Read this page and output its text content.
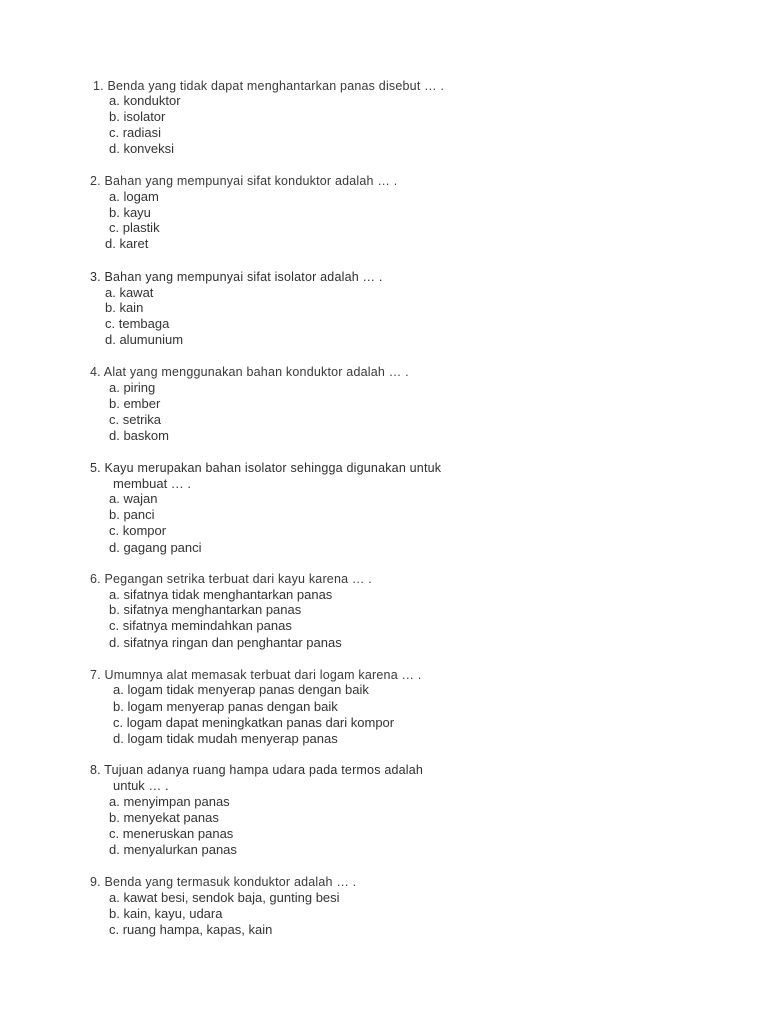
1. Benda yang tidak dapat menghantarkan panas disebut … .
a. konduktor
b. isolator
c. radiasi
d. konveksi
2. Bahan yang mempunyai sifat konduktor adalah … .
a. logam
b. kayu
c. plastik
d. karet
3. Bahan yang mempunyai sifat isolator adalah … .
a. kawat
b. kain
c. tembaga
d. alumunium
4. Alat yang menggunakan bahan konduktor adalah … .
a. piring
b. ember
c. setrika
d. baskom
5. Kayu merupakan bahan isolator sehingga digunakan untuk
membuat … .
a. wajan
b. panci
c. kompor
d. gagang panci
6. Pegangan setrika terbuat dari kayu karena … .
a. sifatnya tidak menghantarkan panas
b. sifatnya menghantarkan panas
c. sifatnya memindahkan panas
d. sifatnya ringan dan penghantar panas
7. Umumnya alat memasak terbuat dari logam karena … .
a. logam tidak menyerap panas dengan baik
b. logam menyerap panas dengan baik
c. logam dapat meningkatkan panas dari kompor
d. logam tidak mudah menyerap panas
8. Tujuan adanya ruang hampa udara pada termos adalah
untuk … .
a. menyimpan panas
b. menyekat panas
c. meneruskan panas
d. menyalurkan panas
9. Benda yang termasuk konduktor adalah … .
a. kawat besi, sendok baja, gunting besi
b. kain, kayu, udara
c. ruang hampa, kapas, kain
